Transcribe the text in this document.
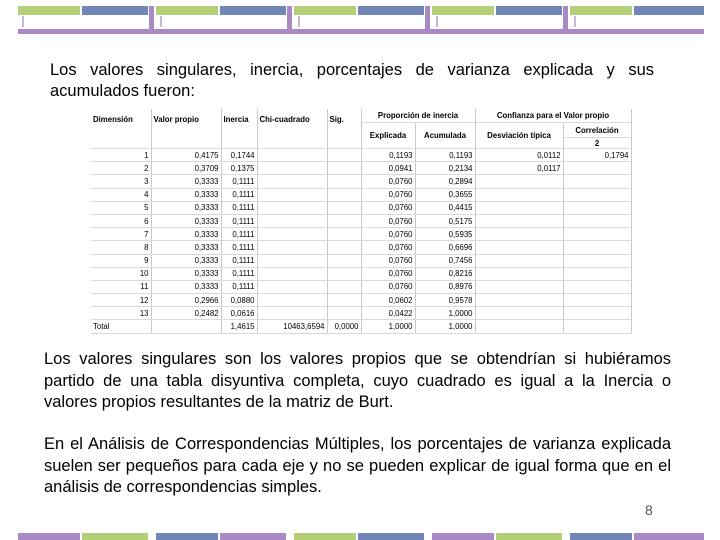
Los valores singulares, inercia, porcentajes de varianza explicada y sus acumulados fueron:
Dimensión	Valor propio	Inercia	Chi-cuadrado	Sig.	Proporción de inercia		Confianza para el Valor propio	
					Explicada	Acumulada	Desviación típica	Correlación
								2
1	0,4175	0,1744			0,1193	0,1193	0,0112	0,1794
2	0,3709	0,1375			0,0941	0,2134	0,0117	
3	0,3333	0,1111			0,0760	0,2894		
4	0,3333	0,1111			0,0760	0,3655		
5	0,3333	0,1111			0,0760	0,4415		
6	0,3333	0,1111			0,0760	0,5175		
7	0,3333	0,1111			0,0760	0,5935		
8	0,3333	0,1111			0,0760	0,6696		
9	0,3333	0,1111			0,0760	0,7456		
10	0,3333	0,1111			0,0760	0,8216		
11	0,3333	0,1111			0,0760	0,8976		
12	0,2966	0,0880			0,0602	0,9578		
13	0,2482	0,0616			0,0422	1,0000		
Total		1,4615	10463,6594	0,0000	1,0000	1,0000		
Los valores singulares son los valores propios que se obtendrían si hubiéramos partido de una tabla disyuntiva completa, cuyo cuadrado es igual a la Inercia o valores propios resultantes de la matriz de Burt.
En el Análisis de Correspondencias Múltiples, los porcentajes de varianza explicada suelen ser pequeños para cada eje y no se pueden explicar de igual forma que en el análisis de correspondencias simples.
8
